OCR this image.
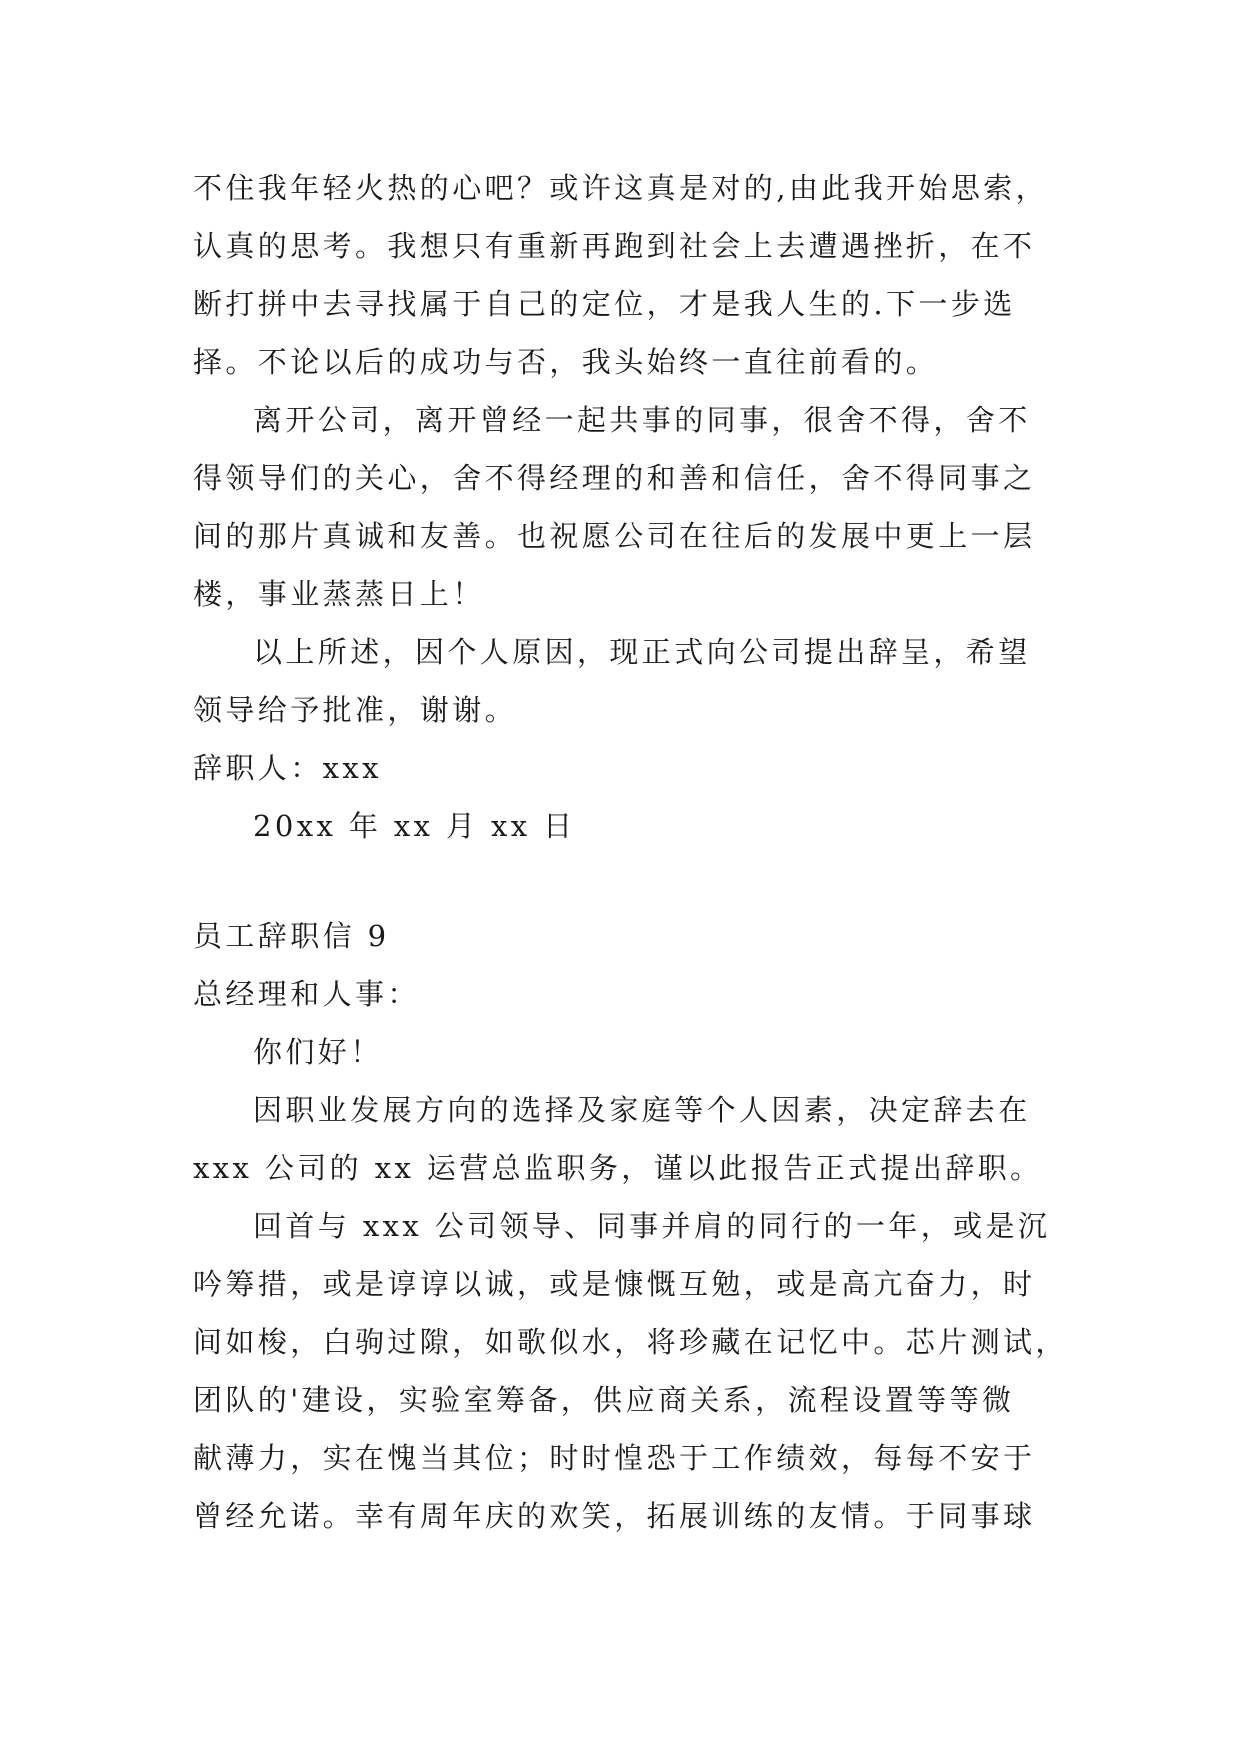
不住我年轻火热的心吧？或许这真是对的,由此我开始思索，
认真的思考。我想只有重新再跑到社会上去遭遇挫折，在不
断打拼中去寻找属于自己的定位，才是我人生的.下一步选
择。不论以后的成功与否，我头始终一直往前看的。
离开公司，离开曾经一起共事的同事，很舍不得，舍不
得领导们的关心，舍不得经理的和善和信任，舍不得同事之
间的那片真诚和友善。也祝愿公司在往后的发展中更上一层
楼，事业蒸蒸日上！
以上所述，因个人原因，现正式向公司提出辞呈，希望
领导给予批准，谢谢。
辞职人：xxx
20xx 年 xx 月 xx 日
员工辞职信 9
总经理和人事：
你们好！
因职业发展方向的选择及家庭等个人因素，决定辞去在
xxx 公司的 xx 运营总监职务，谨以此报告正式提出辞职。
回首与 xxx 公司领导、同事并肩的同行的一年，或是沉
吟筹措，或是谆谆以诚，或是慷慨互勉，或是高亢奋力，时
间如梭，白驹过隙，如歌似水，将珍藏在记忆中。芯片测试，
团队的'建设，实验室筹备，供应商关系，流程设置等等微
献薄力，实在愧当其位；时时惶恐于工作绩效，每每不安于
曾经允诺。幸有周年庆的欢笑，拓展训练的友情。于同事球
